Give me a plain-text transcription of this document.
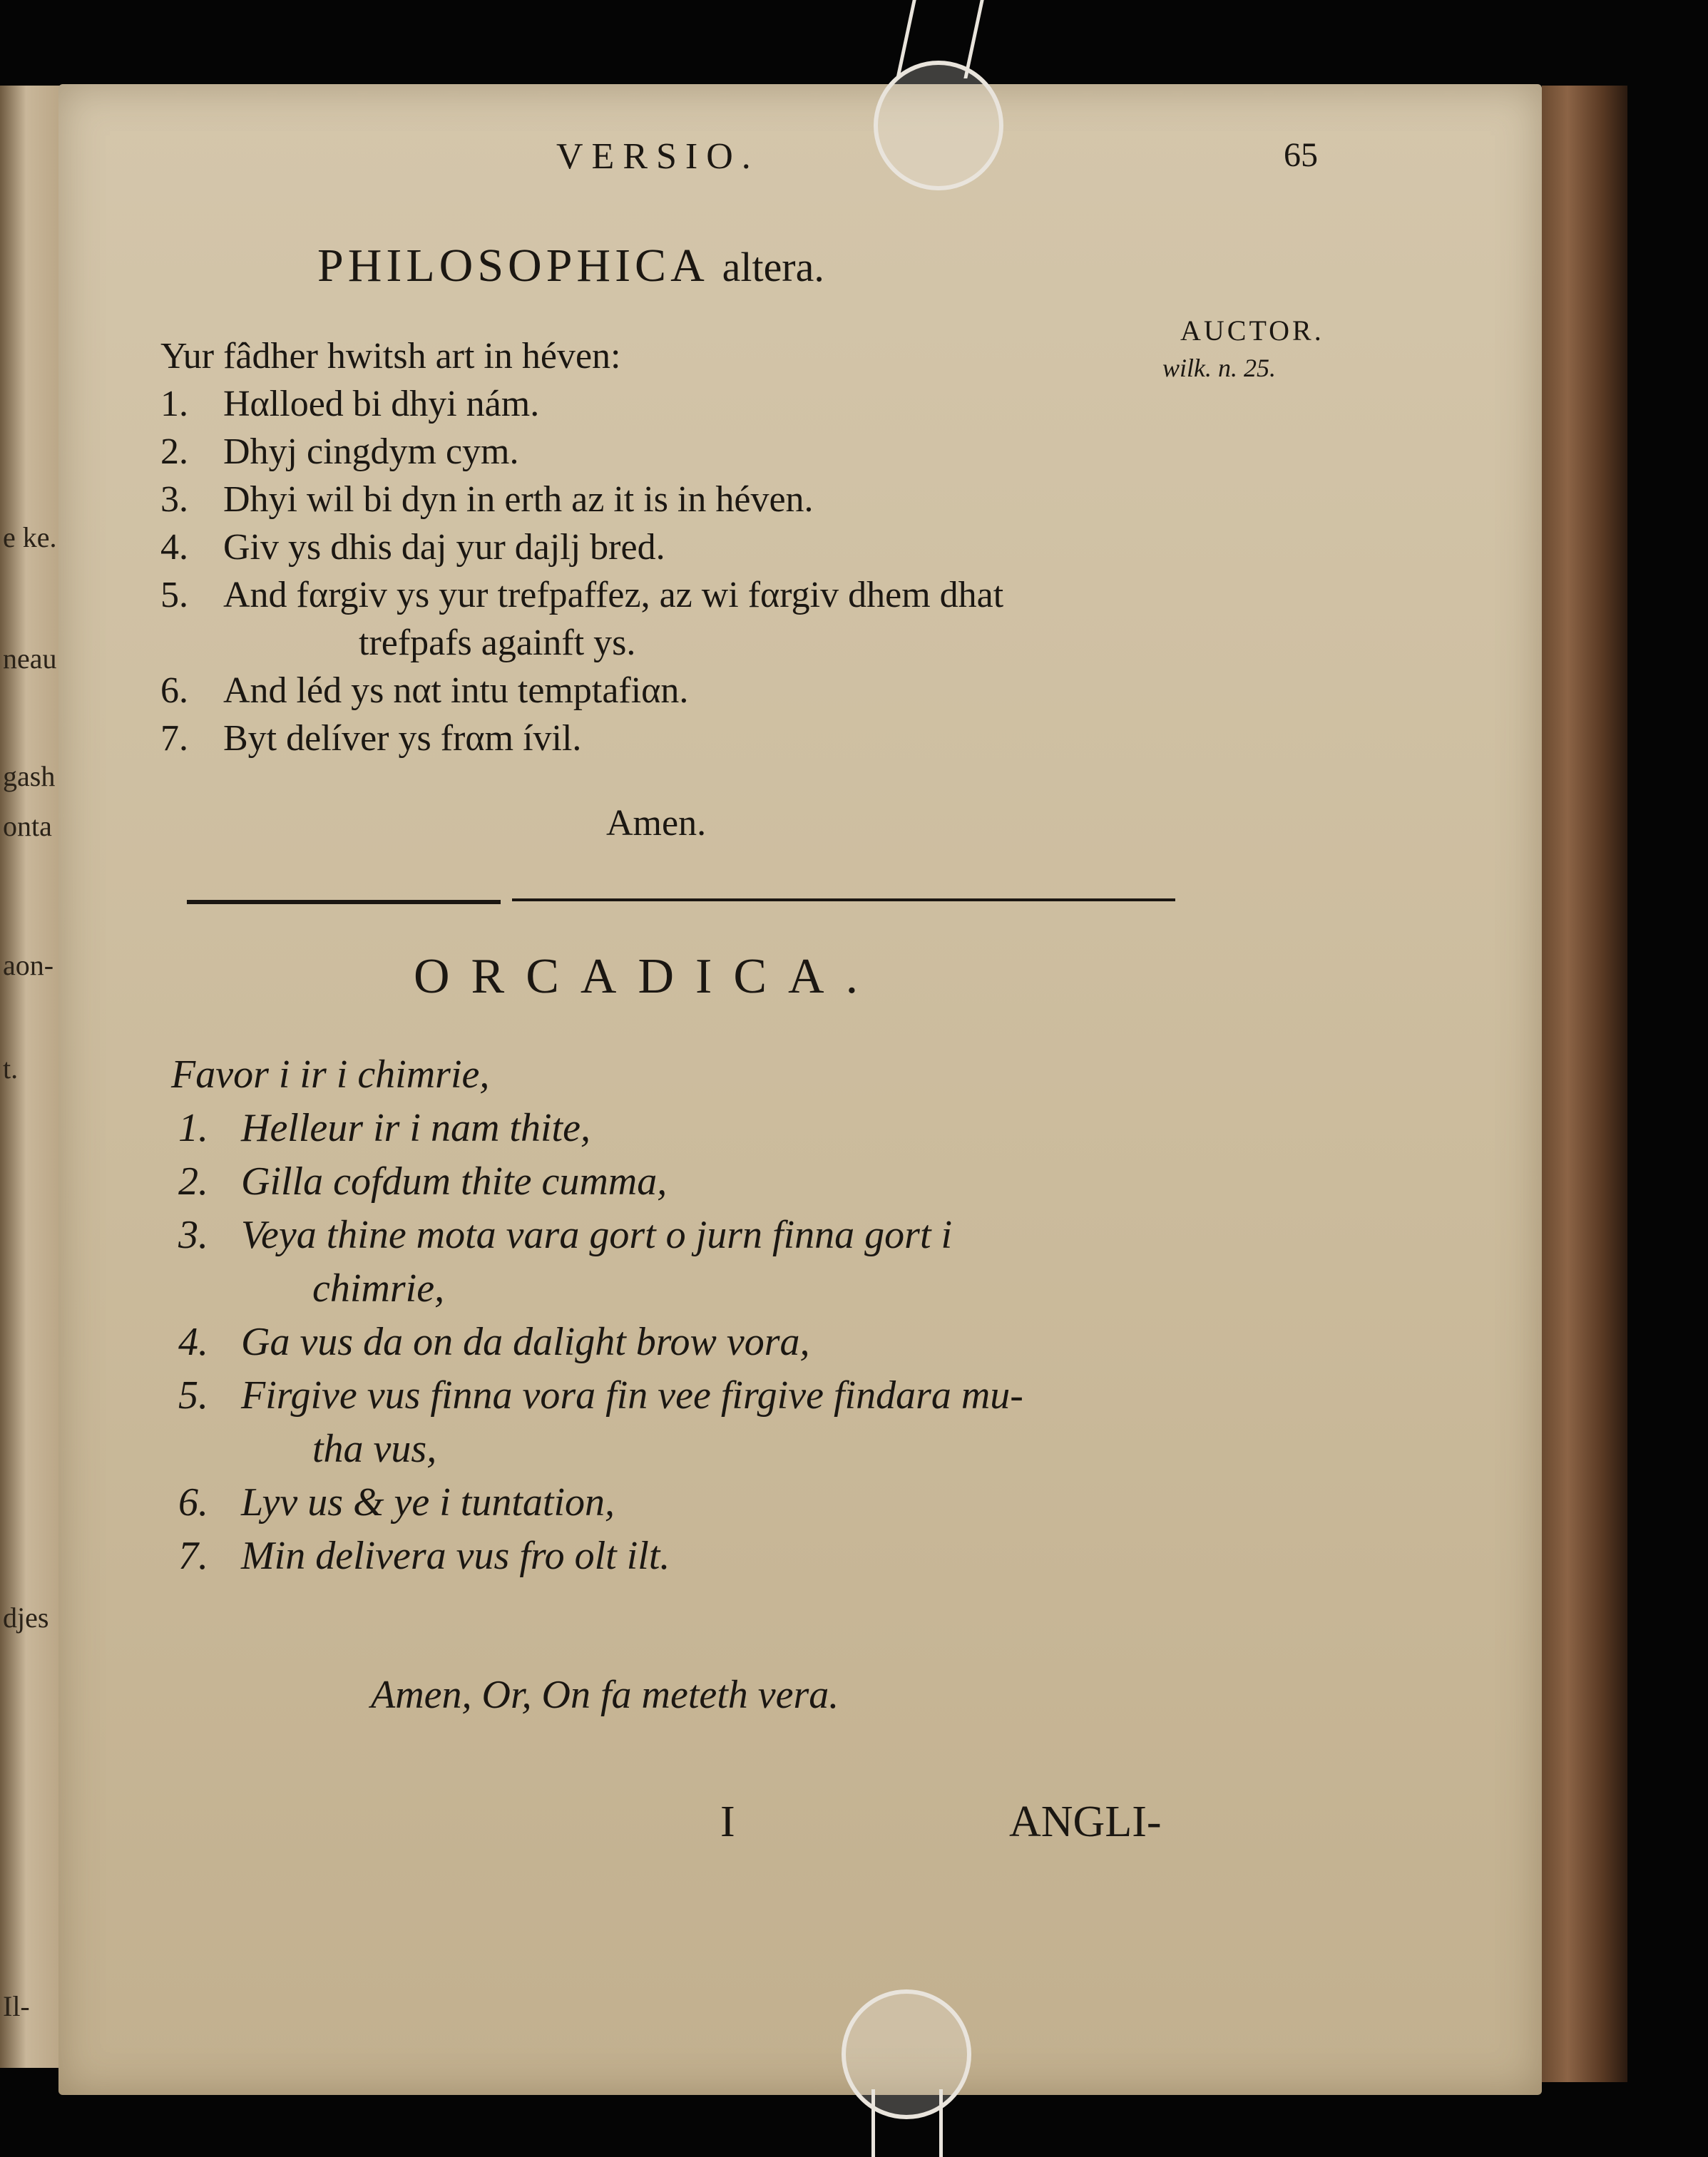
e ke.
neau
gash
onta
aon-
t.
djes
Il-
VERSIO.	65
PHILOSOPHICA altera.
AUCTOR.
wilk. n. 25.
Yur fâdher hwitsh art in héven:
1. Hαlloed bi dhyi nám.
2. Dhyj cingdym cym.
3. Dhyi wil bi dyn in erth az it is in héven.
4. Giv ys dhis daj yur dajlj bred.
5. And fαrgiv ys yur trefpaffez, az wi fαrgiv dhem dhat
trefpafs againft ys.
6. And léd ys nαt intu temptafiαn.
7. Byt delíver ys frαm ívil.
Amen.
ORCADICA.
Favor i ir i chimrie,
1. Helleur ir i nam thite,
2. Gilla cofdum thite cumma,
3. Veya thine mota vara gort o jurn finna gort i
chimrie,
4. Ga vus da on da dalight brow vora,
5. Firgive vus finna vora fin vee firgive findara mu-
tha vus,
6. Lyv us & ye i tuntation,
7. Min delivera vus fro olt ilt.
Amen, Or, On fa meteth vera.
I	ANGLI-
